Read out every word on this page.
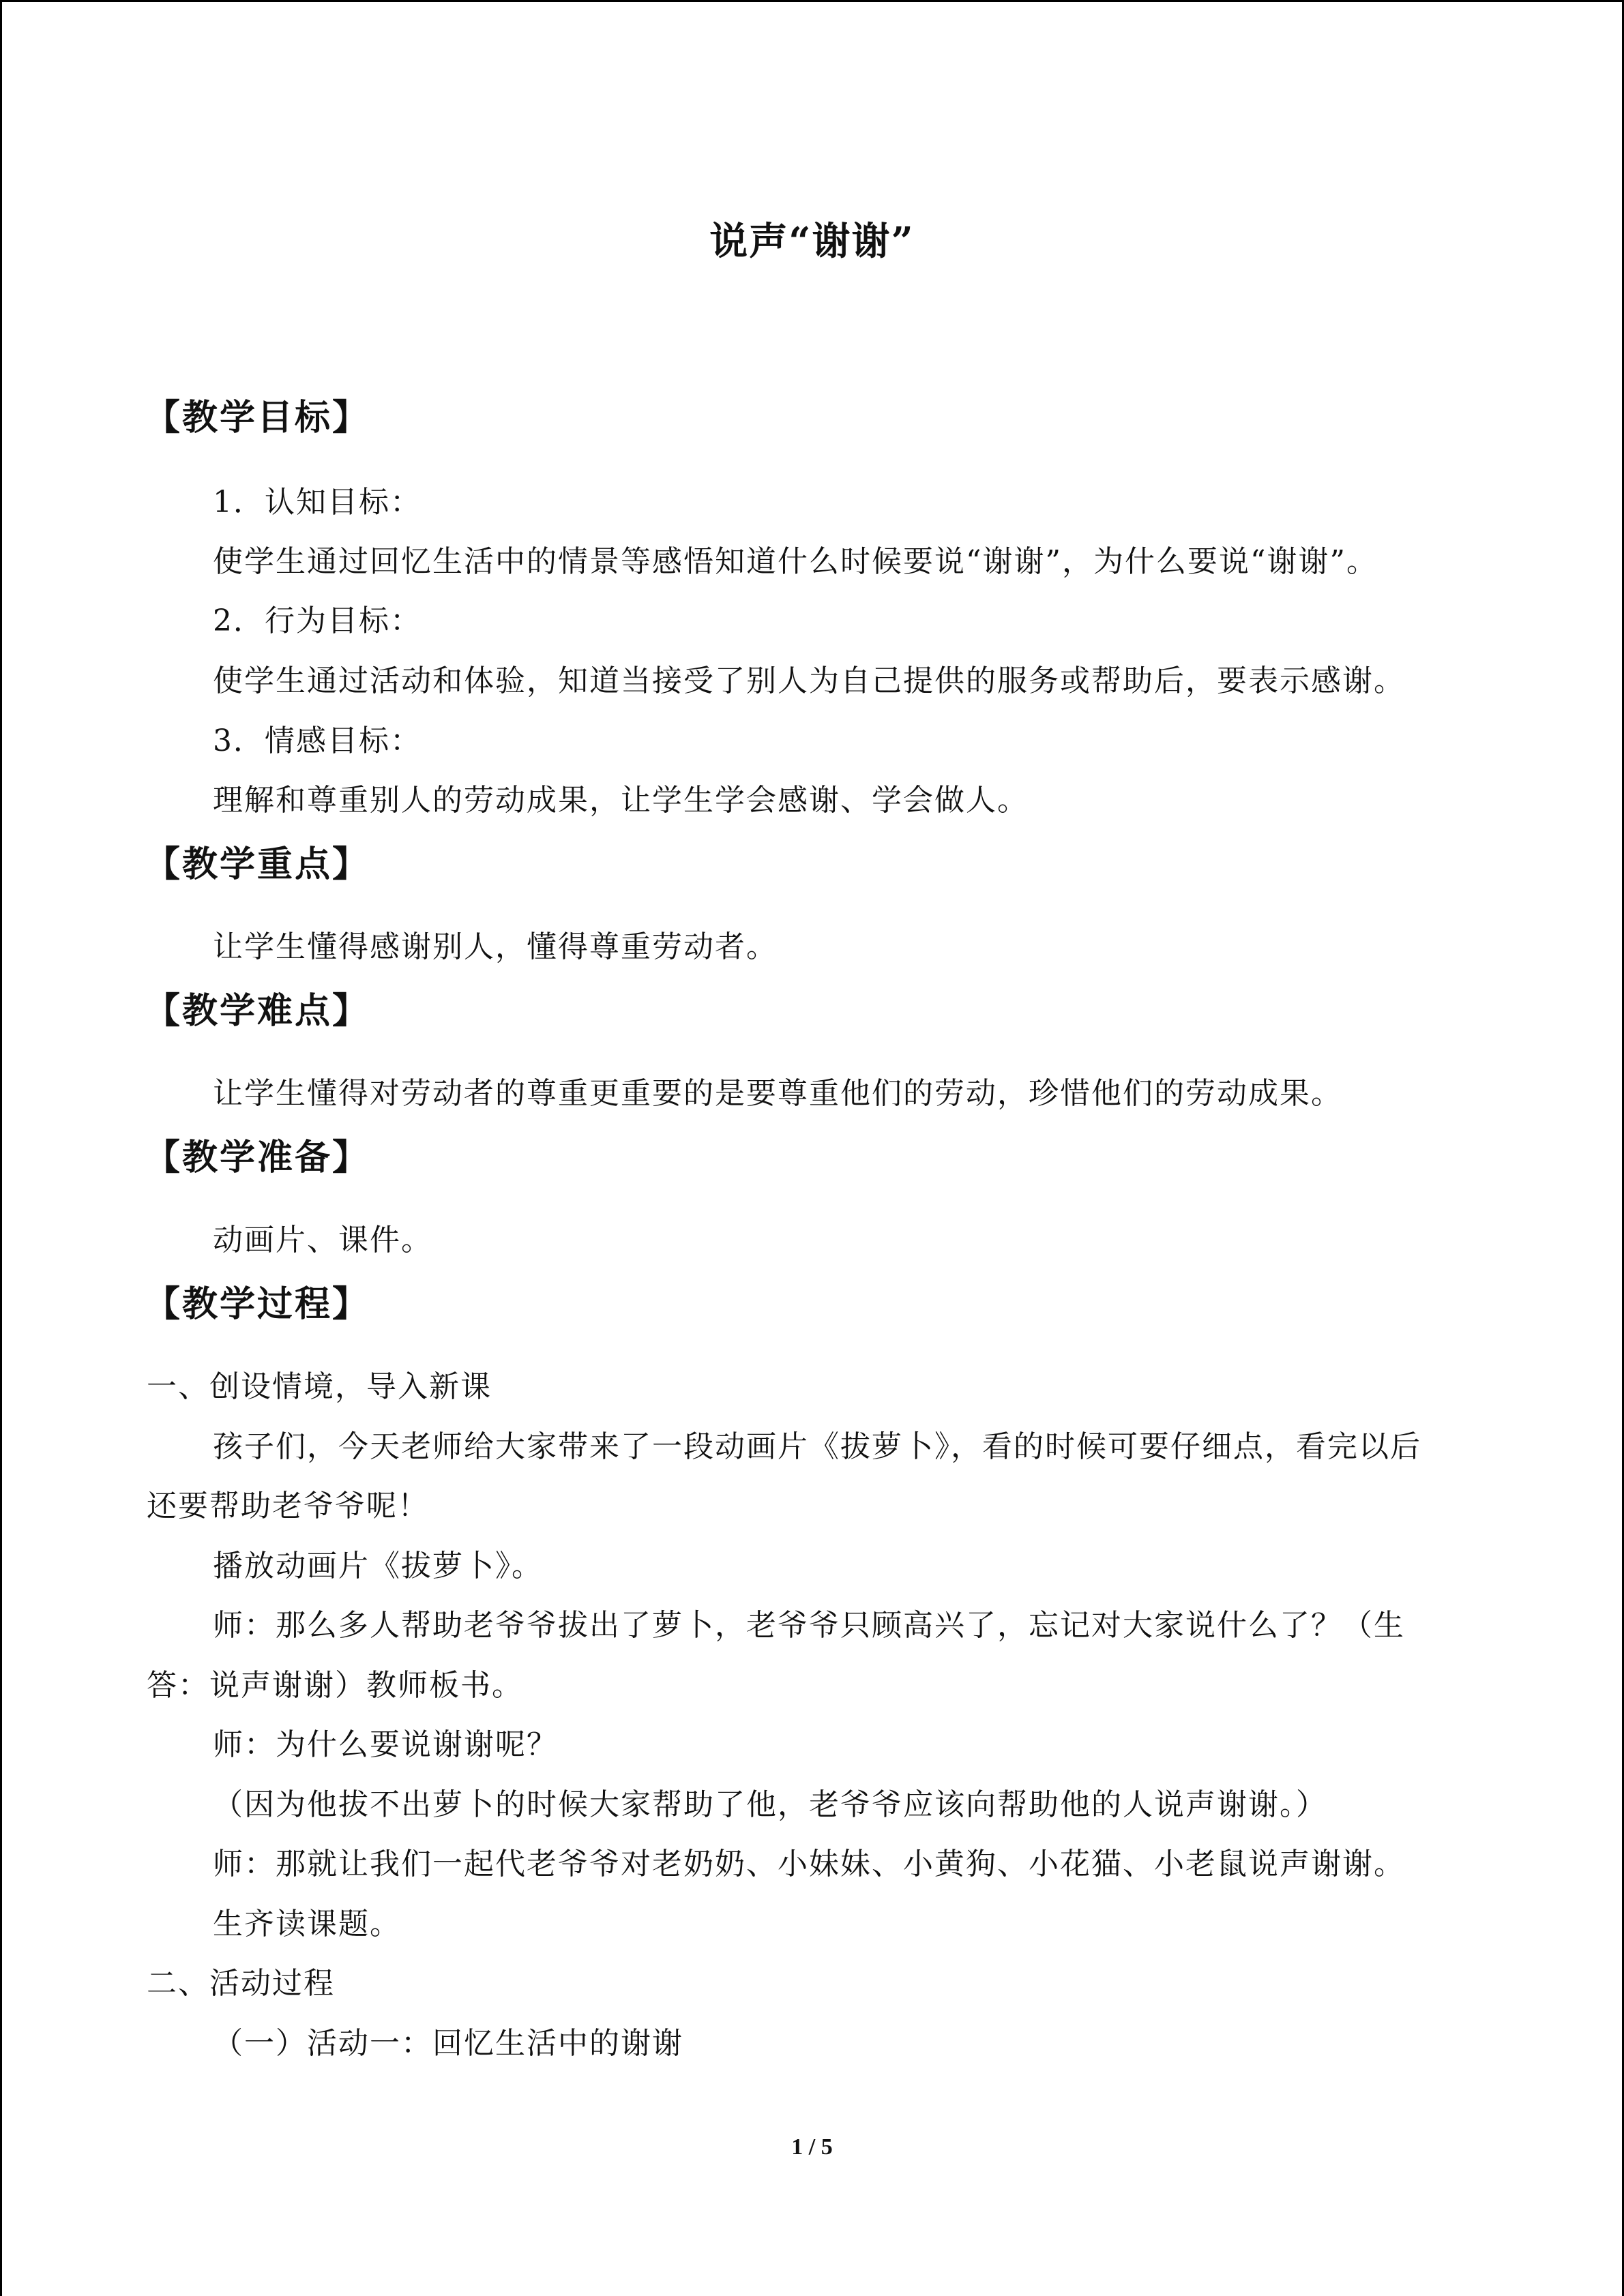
说声“谢谢”
【教学目标】
1．认知目标：
使学生通过回忆生活中的情景等感悟知道什么时候要说“谢谢”，为什么要说“谢谢”。
2．行为目标：
使学生通过活动和体验，知道当接受了别人为自己提供的服务或帮助后，要表示感谢。
3．情感目标：
理解和尊重别人的劳动成果，让学生学会感谢、学会做人。
【教学重点】
让学生懂得感谢别人，懂得尊重劳动者。
【教学难点】
让学生懂得对劳动者的尊重更重要的是要尊重他们的劳动，珍惜他们的劳动成果。
【教学准备】
动画片、课件。
【教学过程】
一、创设情境，导入新课
孩子们，今天老师给大家带来了一段动画片《拔萝卜》，看的时候可要仔细点，看完以后
还要帮助老爷爷呢！
播放动画片《拔萝卜》。
师：那么多人帮助老爷爷拔出了萝卜，老爷爷只顾高兴了，忘记对大家说什么了？（生
答：说声谢谢）教师板书。
师：为什么要说谢谢呢？
（因为他拔不出萝卜的时候大家帮助了他，老爷爷应该向帮助他的人说声谢谢。）
师：那就让我们一起代老爷爷对老奶奶、小妹妹、小黄狗、小花猫、小老鼠说声谢谢。
生齐读课题。
二、活动过程
（一）活动一：回忆生活中的谢谢
1 / 5
